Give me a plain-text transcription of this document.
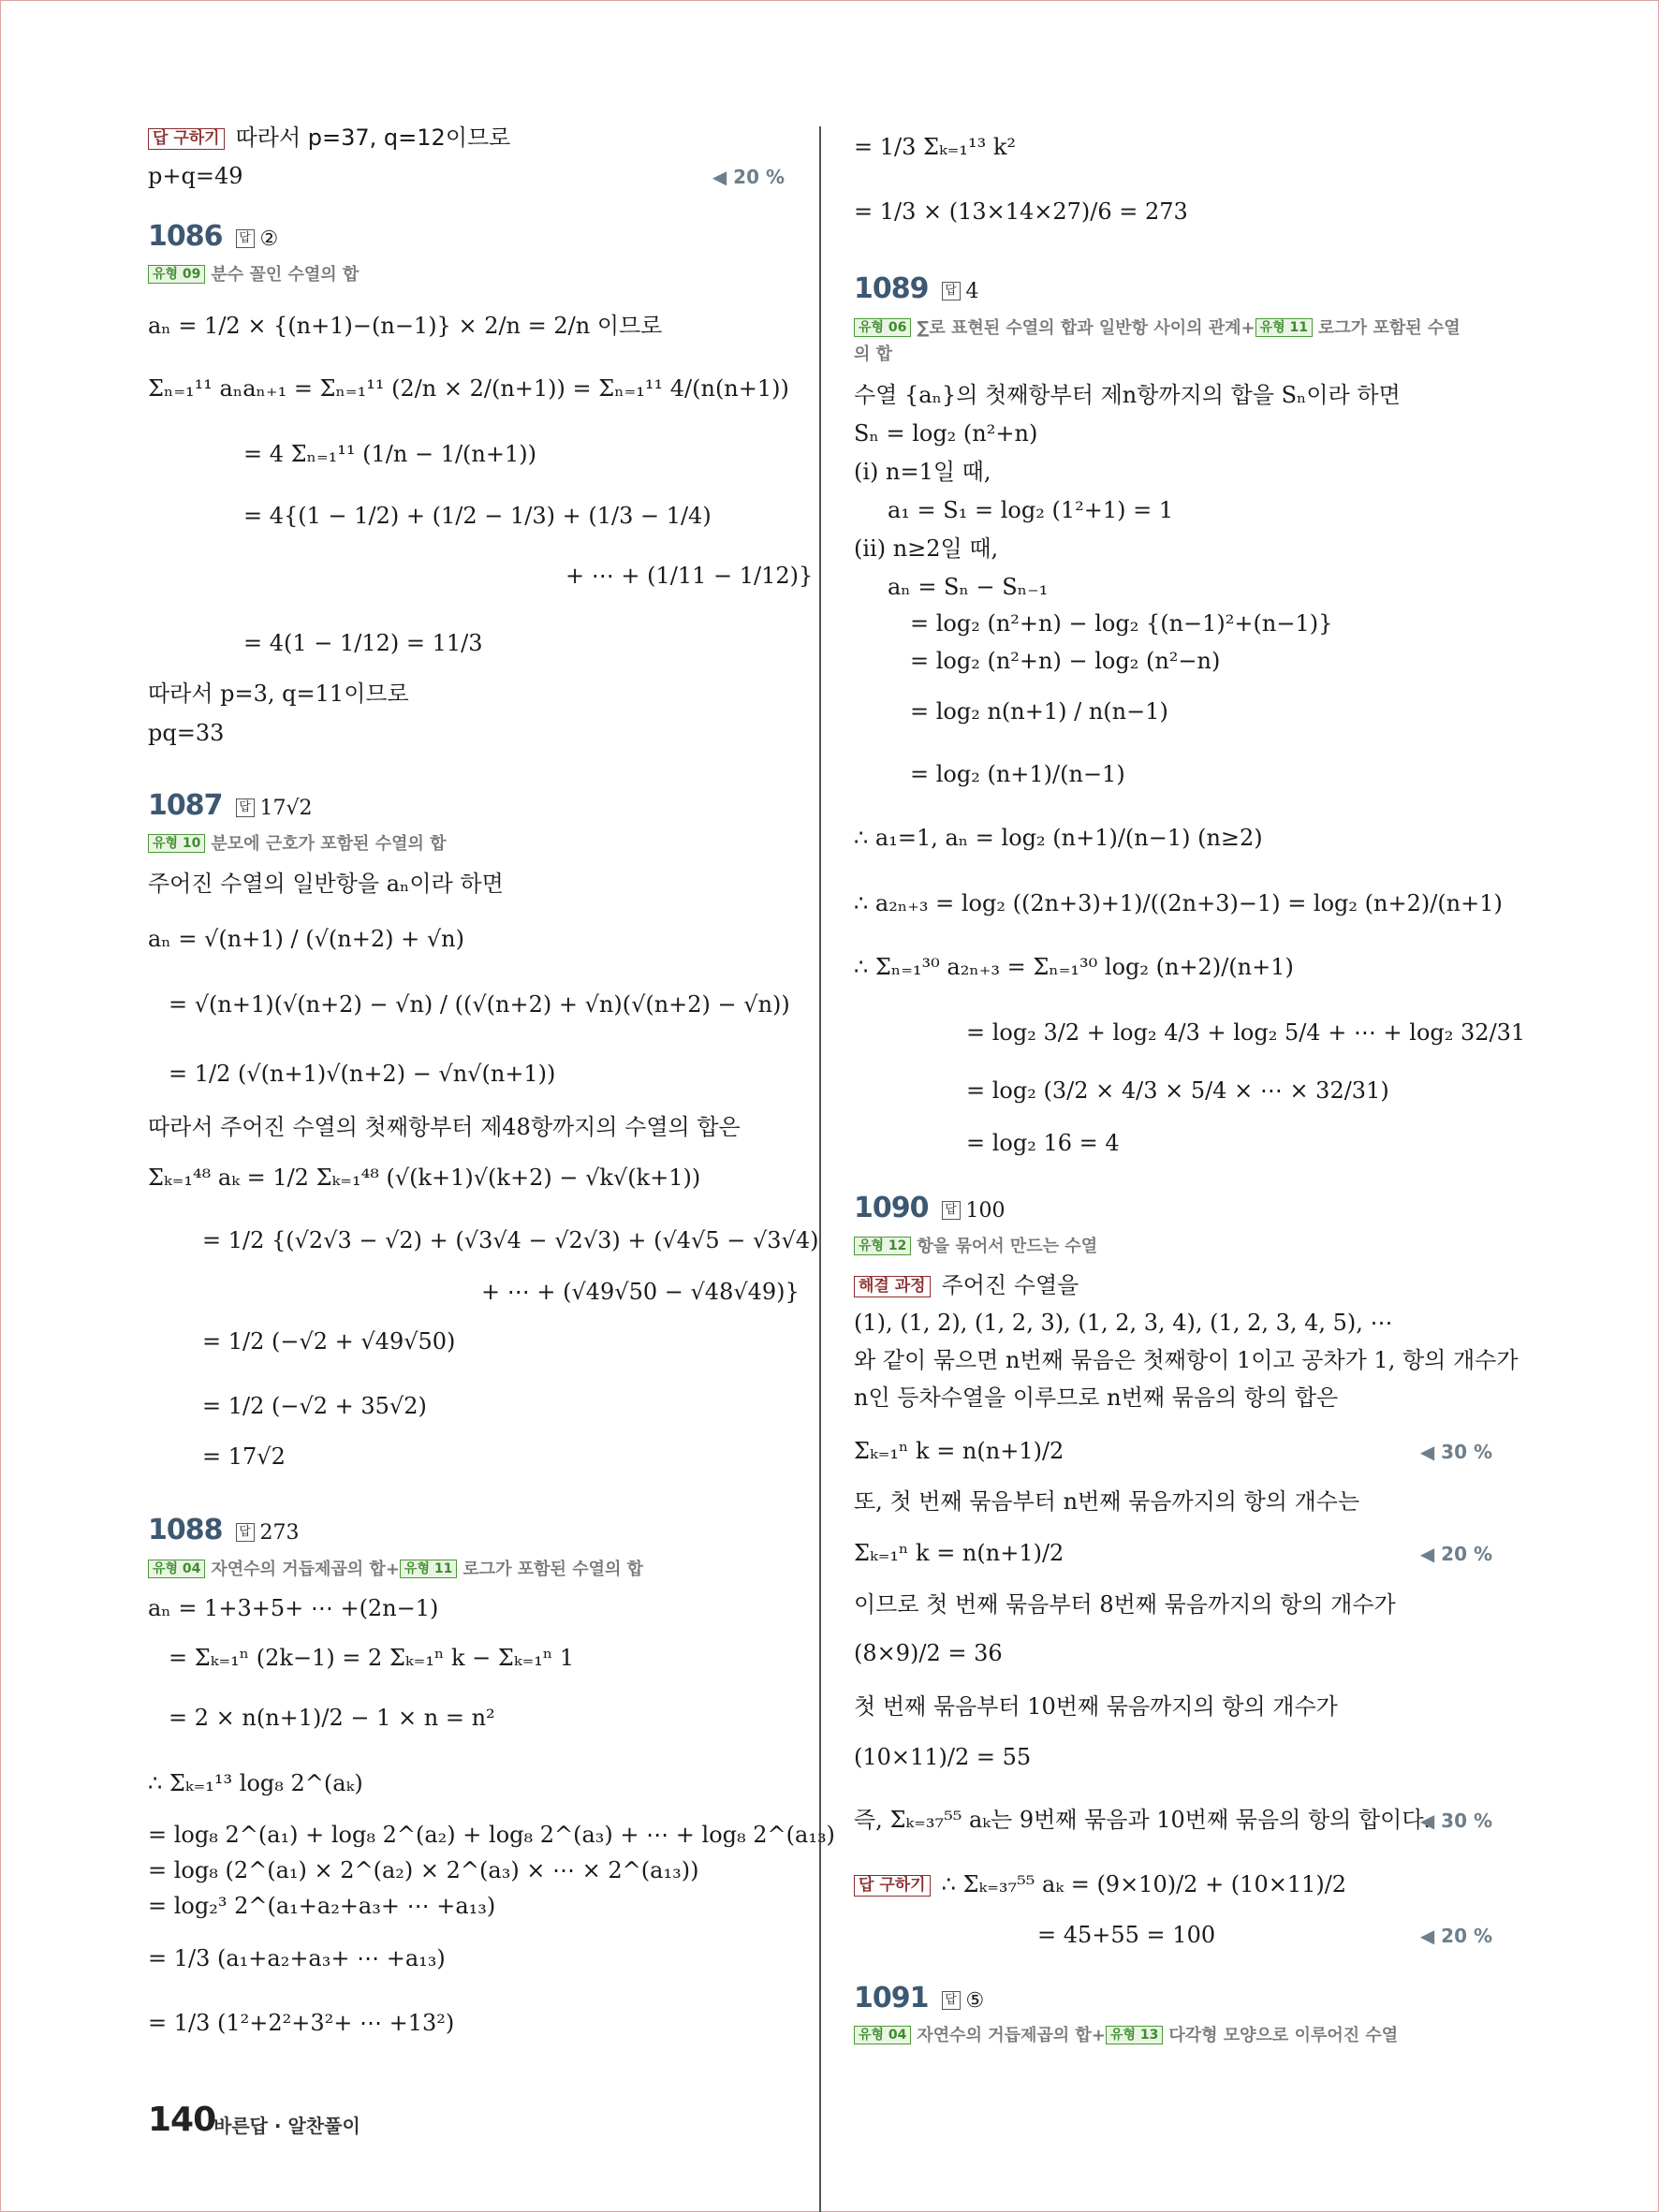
답 구하기 따라서 p=37, q=12이므로
p+q=49	◀ 20 %
1086 답 ②
유형 09 분수 꼴인 수열의 합
aₙ = 1/2 × {(n+1)−(n−1)} × 2/n = 2/n 이므로
Σₙ₌₁¹¹ aₙaₙ₊₁ = Σₙ₌₁¹¹ (2/n × 2/(n+1)) = Σₙ₌₁¹¹ 4/(n(n+1))
= 4 Σₙ₌₁¹¹ (1/n − 1/(n+1))
= 4{(1 − 1/2) + (1/2 − 1/3) + (1/3 − 1/4)
+ ⋯ + (1/11 − 1/12)}
= 4(1 − 1/12) = 11/3
따라서 p=3, q=11이므로
pq=33
1087 답 17√2
유형 10 분모에 근호가 포함된 수열의 합
주어진 수열의 일반항을 aₙ이라 하면
aₙ = √(n+1) / (√(n+2) + √n)
= √(n+1)(√(n+2) − √n) / ((√(n+2) + √n)(√(n+2) − √n))
= 1/2 (√(n+1)√(n+2) − √n√(n+1))
따라서 주어진 수열의 첫째항부터 제48항까지의 수열의 합은
Σₖ₌₁⁴⁸ aₖ = 1/2 Σₖ₌₁⁴⁸ (√(k+1)√(k+2) − √k√(k+1))
= 1/2 {(√2√3 − √2) + (√3√4 − √2√3) + (√4√5 − √3√4)
+ ⋯ + (√49√50 − √48√49)}
= 1/2 (−√2 + √49√50)
= 1/2 (−√2 + 35√2)
= 17√2
1088 답 273
유형 04 자연수의 거듭제곱의 합+ 유형 11 로그가 포함된 수열의 합
aₙ = 1+3+5+ ⋯ +(2n−1)
= Σₖ₌₁ⁿ (2k−1) = 2 Σₖ₌₁ⁿ k − Σₖ₌₁ⁿ 1
= 2 × n(n+1)/2 − 1 × n = n²
∴ Σₖ₌₁¹³ log₈ 2^(aₖ)
= log₈ 2^(a₁) + log₈ 2^(a₂) + log₈ 2^(a₃) + ⋯ + log₈ 2^(a₁₃)
= log₈ (2^(a₁) × 2^(a₂) × 2^(a₃) × ⋯ × 2^(a₁₃))
= log₂³ 2^(a₁+a₂+a₃+ ⋯ +a₁₃)
= 1/3 (a₁+a₂+a₃+ ⋯ +a₁₃)
= 1/3 (1²+2²+3²+ ⋯ +13²)
= 1/3 Σₖ₌₁¹³ k²
= 1/3 × (13×14×27)/6 = 273
1089 답 4
유형 06 ∑로 표현된 수열의 합과 일반항 사이의 관계+ 유형 11 로그가 포함된 수열
의 합
수열 {aₙ}의 첫째항부터 제n항까지의 합을 Sₙ이라 하면
Sₙ = log₂ (n²+n)
(i) n=1일 때,
a₁ = S₁ = log₂ (1²+1) = 1
(ii) n≥2일 때,
aₙ = Sₙ − Sₙ₋₁
= log₂ (n²+n) − log₂ {(n−1)²+(n−1)}
= log₂ (n²+n) − log₂ (n²−n)
= log₂ n(n+1) / n(n−1)
= log₂ (n+1)/(n−1)
∴ a₁=1, aₙ = log₂ (n+1)/(n−1) (n≥2)
∴ a₂ₙ₊₃ = log₂ ((2n+3)+1)/((2n+3)−1) = log₂ (n+2)/(n+1)
∴ Σₙ₌₁³⁰ a₂ₙ₊₃ = Σₙ₌₁³⁰ log₂ (n+2)/(n+1)
= log₂ 3/2 + log₂ 4/3 + log₂ 5/4 + ⋯ + log₂ 32/31
= log₂ (3/2 × 4/3 × 5/4 × ⋯ × 32/31)
= log₂ 16 = 4
1090 답 100
유형 12 항을 묶어서 만드는 수열
해결 과정 주어진 수열을
(1), (1, 2), (1, 2, 3), (1, 2, 3, 4), (1, 2, 3, 4, 5), ⋯
와 같이 묶으면 n번째 묶음은 첫째항이 1이고 공차가 1, 항의 개수가
n인 등차수열을 이루므로 n번째 묶음의 항의 합은
Σₖ₌₁ⁿ k = n(n+1)/2	◀ 30 %
또, 첫 번째 묶음부터 n번째 묶음까지의 항의 개수는
Σₖ₌₁ⁿ k = n(n+1)/2	◀ 20 %
이므로 첫 번째 묶음부터 8번째 묶음까지의 항의 개수가
(8×9)/2 = 36
첫 번째 묶음부터 10번째 묶음까지의 항의 개수가
(10×11)/2 = 55
즉, Σₖ₌₃₇⁵⁵ aₖ는 9번째 묶음과 10번째 묶음의 항의 합이다.
◀ 30 %
답 구하기 ∴ Σₖ₌₃₇⁵⁵ aₖ = (9×10)/2 + (10×11)/2
= 45+55 = 100	◀ 20 %
1091 답 ⑤
유형 04 자연수의 거듭제곱의 합+ 유형 13 다각형 모양으로 이루어진 수열
140
바른답 · 알찬풀이
